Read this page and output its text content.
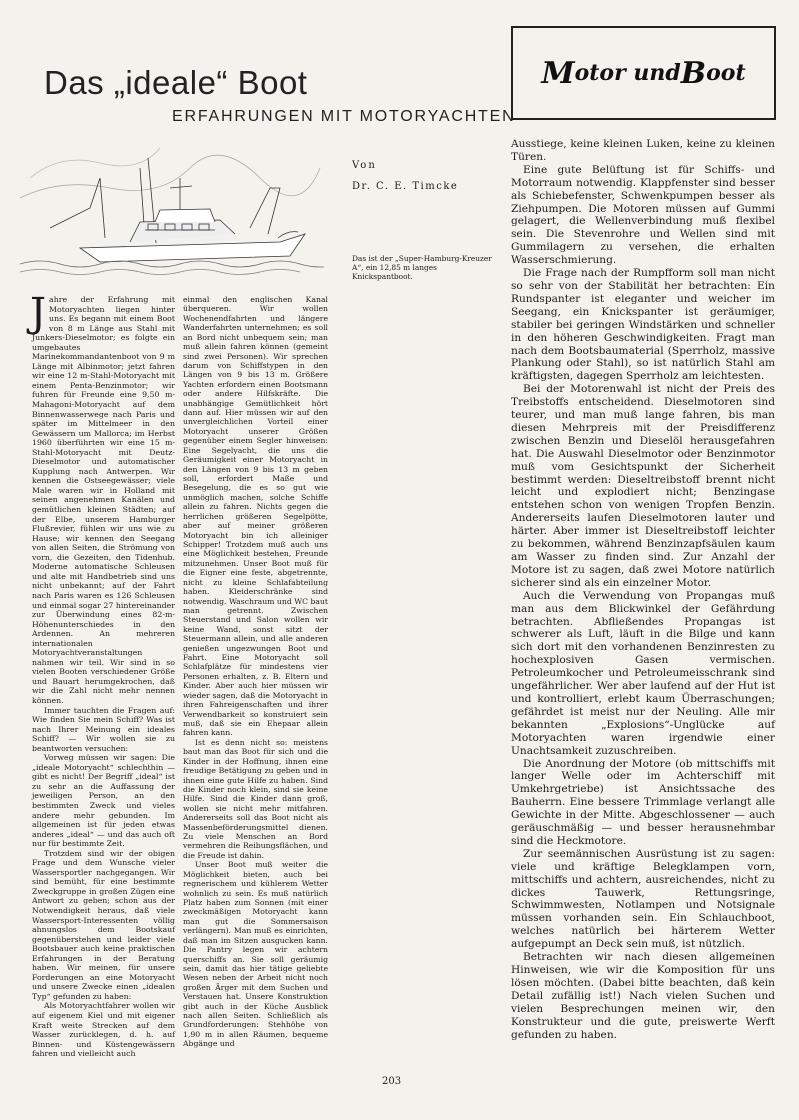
M otor und B oot
Das „ideale“ Boot
ERFAHRUNGEN MIT MOTORYACHTEN
Von
Dr. C. E. Timcke
Das ist der „Super-Hamburg-Kreuzer A“, ein 12,85 m langes Knickspantboot.

Jahre der Erfahrung mit Motoryachten liegen hinter uns. Es begann mit einem Boot von 8 m Länge aus Stahl mit Junkers-Dieselmotor; es folgte ein umgebautes Marinekommandantenboot von 9 m Länge mit Albinmotor; jetzt fahren wir eine 12 m-Stahl-Motoryacht mit einem Penta-Benzinmotor; wir fuhren für Freunde eine 9,50 m-Mahagoni-Motoryacht auf dem Binnenwasserwege nach Paris und später im Mittelmeer in den Gewässern um Mallorca; im Herbst 1960 überführten wir eine 15 m-Stahl-Motoryacht mit Deutz-Dieselmotor und automatischer Kupplung nach Antwerpen. Wir kennen die Ostseegewässer; viele Male waren wir in Holland mit seinen angenehmen Kanälen und gemütlichen kleinen Städten; auf der Elbe, unserem Hamburger Flußrevier, fühlen wir uns wie zu Hause; wir kennen den Seegang von allen Seiten, die Strömung von vorn, die Gezeiten, den Tidenhub. Moderne automatische Schleusen und alte mit Handbetrieb sind uns nicht unbekannt; auf der Fahrt nach Paris waren es 126 Schleusen und einmal sogar 27 hintereinander zur Überwindung eines 82-m-Höhenunterschiedes in den Ardennen. An mehreren internationalen Motoryachtveranstaltungen nahmen wir teil. Wir sind in so vielen Booten verschiedener Größe und Bauart herumgekrochen, daß wir die Zahl nicht mehr nennen können.

Immer tauchten die Fragen auf: Wie finden Sie mein Schiff? Was ist nach Ihrer Meinung ein ideales Schiff? — Wir wollen sie zu beantworten versuchen:

Vorweg müssen wir sagen: Die „ideale Motoryacht“ schlechthin — gibt es nicht! Der Begriff „ideal“ ist zu sehr an die Auffassung der jeweiligen Person, an den bestimmten Zweck und vieles andere mehr gebunden. Im allgemeinen ist für jeden etwas anderes „ideal“ — und das auch oft nur für bestimmte Zeit.

Trotzdem sind wir der obigen Frage und dem Wunsche vieler Wassersportler nachgegangen. Wir sind bemüht, für eine bestimmte Zweckgruppe in großen Zügen eine Antwort zu geben; schon aus der Notwendigkeit heraus, daß viele Wassersport-Interessenten völlig ahnungslos dem Bootskauf gegenüberstehen und leider viele Bootsbauer auch keine praktischen Erfahrungen in der Beratung haben. Wir meinen, für unsere Forderungen an eine Motoryacht und unsere Zwecke einen „idealen Typ“ gefunden zu haben:

Als Motoryachtfahrer wollen wir auf eigenem Kiel und mit eigener Kraft weite Strecken auf dem Wasser zurücklegen, d. h. auf Binnen- und Küstengewässern fahren und vielleicht auch

einmal den englischen Kanal überqueren. Wir wollen Wochenendfahrten und längere Wanderfahrten unternehmen; es soll an Bord nicht unbequem sein; man muß allein fahren können (gemeint sind zwei Personen). Wir sprechen darum von Schiffstypen in den Längen von 9 bis 13 m. Größere Yachten erfordern einen Bootsmann oder andere Hilfskräfte. Die unabhängige Gemütlichkeit hört dann auf. Hier müssen wir auf den unvergleichlichen Vorteil einer Motoryacht unserer Größen gegenüber einem Segler hinweisen: Eine Segelyacht, die uns die Geräumigkeit einer Motoryacht in den Längen von 9 bis 13 m geben soll, erfordert Maße und Besegelung, die es so gut wie unmöglich machen, solche Schiffe allein zu fahren. Nichts gegen die herrlichen größeren Segelpötte, aber auf meiner größeren Motoryacht bin ich alleiniger Schipper! Trotzdem muß auch uns eine Möglichkeit bestehen, Freunde mitzunehmen. Unser Boot muß für die Eigner eine feste, abgetrennte, nicht zu kleine Schlafabteilung haben. Kleiderschränke sind notwendig. Waschraum und WC baut man getrennt. Zwischen Steuerstand und Salon wollen wir keine Wand, sonst sitzt der Steuermann allein, und alle anderen genießen ungezwungen Boot und Fahrt. Eine Motoryacht soll Schlafplätze für mindestens vier Personen erhalten, z. B. Eltern und Kinder. Aber auch hier müssen wir wieder sagen, daß die Motoryacht in ihren Fahreigenschaften und ihrer Verwendbarkeit so konstruiert sein muß, daß sie ein Ehepaar allein fahren kann.

Ist es denn nicht so: meistens baut man das Boot für sich und die Kinder in der Hoffnung, ihnen eine freudige Betätigung zu geben und in ihnen eine gute Hilfe zu haben. Sind die Kinder noch klein, sind sie keine Hilfe. Sind die Kinder dann groß, wollen sie nicht mehr mitfahren. Andererseits soll das Boot nicht als Massenbeförderungsmittel dienen. Zu viele Menschen an Bord vermehren die Reibungsflächen, und die Freude ist dahin.

Unser Boot muß weiter die Möglichkeit bieten, auch bei regnerischem und kühlerem Wetter wohnlich zu sein. Es muß natürlich Platz haben zum Sonnen (mit einer zweckmäßigen Motoryacht kann man gut die Sommersaison verlängern). Man muß es einrichten, daß man im Sitzen ausgucken kann. Die Pantry legen wir achtern querschiffs an. Sie soll geräumig sein, damit das hier tätige geliebte Wesen neben der Arbeit nicht noch großen Ärger mit dem Suchen und Verstauen hat. Unsere Konstruktion gibt auch in der Küche Ausblick nach allen Seiten. Schließlich als Grundforderungen: Stehhöhe von 1,90 m in allen Räumen, bequeme Abgänge und

Ausstiege, keine kleinen Luken, keine zu kleinen Türen.

Eine gute Belüftung ist für Schiffs- und Motorraum notwendig. Klappfenster sind besser als Schiebefenster, Schwenkpumpen besser als Ziehpumpen. Die Motoren müssen auf Gummi gelagert, die Wellenverbindung muß flexibel sein. Die Stevenrohre und Wellen sind mit Gummilagern zu versehen, die erhalten Wasserschmierung.

Die Frage nach der Rumpfform soll man nicht so sehr von der Stabilität her betrachten: Ein Rundspanter ist eleganter und weicher im Seegang, ein Knickspanter ist geräumiger, stabiler bei geringen Windstärken und schneller in den höheren Geschwindigkeiten. Fragt man nach dem Bootsbaumaterial (Sperrholz, massive Plankung oder Stahl), so ist natürlich Stahl am kräftigsten, dagegen Sperrholz am leichtesten.

Bei der Motorenwahl ist nicht der Preis des Treibstoffs entscheidend. Dieselmotoren sind teurer, und man muß lange fahren, bis man diesen Mehrpreis mit der Preisdifferenz zwischen Benzin und Dieselöl herausgefahren hat. Die Auswahl Dieselmotor oder Benzinmotor muß vom Gesichtspunkt der Sicherheit bestimmt werden: Dieseltreibstoff brennt nicht leicht und explodiert nicht; Benzingase entstehen schon von wenigen Tropfen Benzin. Andererseits laufen Dieselmotoren lauter und härter. Aber immer ist Dieseltreibstoff leichter zu bekommen, während Benzinzapfsäulen kaum am Wasser zu finden sind. Zur Anzahl der Motore ist zu sagen, daß zwei Motore natürlich sicherer sind als ein einzelner Motor.

Auch die Verwendung von Propangas muß man aus dem Blickwinkel der Gefährdung betrachten. Abfließendes Propangas ist schwerer als Luft, läuft in die Bilge und kann sich dort mit den vorhandenen Benzinresten zu hochexplosiven Gasen vermischen. Petroleumkocher und Petroleumeisschrank sind ungefährlicher. Wer aber laufend auf der Hut ist und kontrolliert, erlebt kaum Überraschungen; gefährdet ist meist nur der Neuling. Alle mir bekannten „Explosions“-Unglücke auf Motoryachten waren irgendwie einer Unachtsamkeit zuzuschreiben.

Die Anordnung der Motore (ob mittschiffs mit langer Welle oder im Achterschiff mit Umkehrgetriebe) ist Ansichtssache des Bauherrn. Eine bessere Trimmlage verlangt alle Gewichte in der Mitte. Abgeschlossener — auch geräuschmäßig — und besser herausnehmbar sind die Heckmotore.

Zur seemännischen Ausrüstung ist zu sagen: viele und kräftige Belegklampen vorn, mittschiffs und achtern, ausreichendes, nicht zu dickes Tauwerk, Rettungsringe, Schwimmwesten, Notlampen und Notsignale müssen vorhanden sein. Ein Schlauchboot, welches natürlich bei härterem Wetter aufgepumpt an Deck sein muß, ist nützlich.

Betrachten wir nach diesen allgemeinen Hinweisen, wie wir die Komposition für uns lösen möchten. (Dabei bitte beachten, daß kein Detail zufällig ist!) Nach vielen Suchen und vielen Besprechungen meinen wir, den Konstrukteur und die gute, preiswerte Werft gefunden zu haben.

203
